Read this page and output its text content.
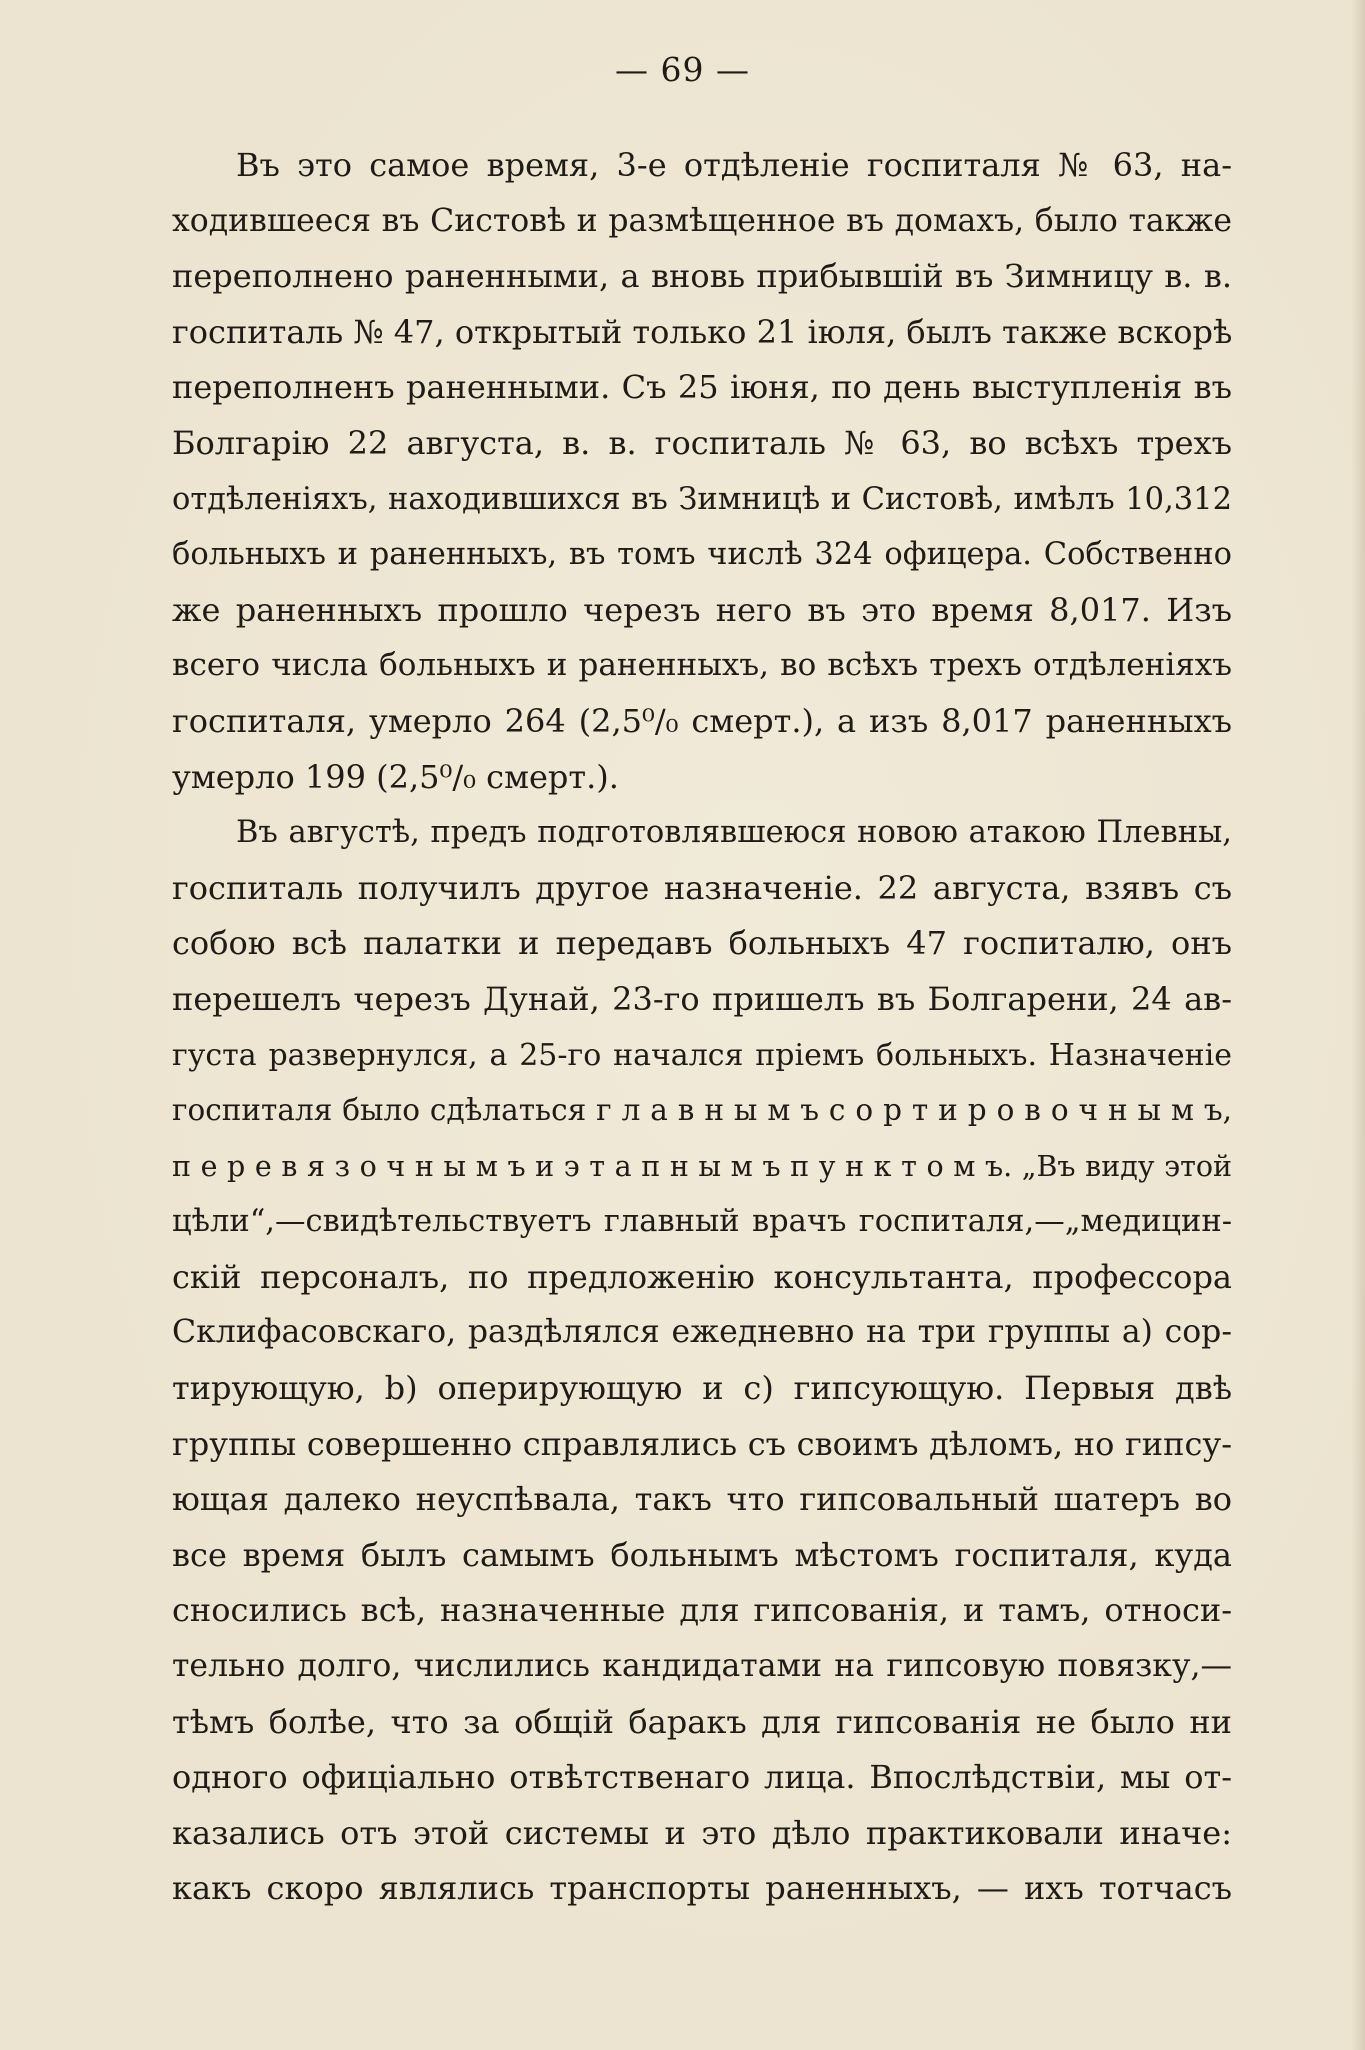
— 69 —
Въ это самое время, 3-е отдѣленіе госпиталя № 63, на-
ходившееся въ Систовѣ и размѣщенное въ домахъ, было также
переполнено раненными, а вновь прибывшій въ Зимницу в. в.
госпиталь № 47, открытый только 21 іюля, былъ также вскорѣ
переполненъ раненными. Съ 25 іюня, по день выступленія въ
Болгарію 22 августа, в. в. госпиталь № 63, во всѣхъ трехъ
отдѣленіяхъ, находившихся въ Зимницѣ и Систовѣ, имѣлъ 10,312
больныхъ и раненныхъ, въ томъ числѣ 324 офицера. Собственно
же раненныхъ прошло черезъ него въ это время 8,017. Изъ
всего числа больныхъ и раненныхъ, во всѣхъ трехъ отдѣленіяхъ
госпиталя, умерло 264 (2,5⁰/₀ смерт.), а изъ 8,017 раненныхъ
умерло 199 (2,5⁰/₀ смерт.).
Въ августѣ, предъ подготовлявшеюся новою атакою Плевны,
госпиталь получилъ другое назначеніе. 22 августа, взявъ съ
собою всѣ палатки и передавъ больныхъ 47 госпиталю, онъ
перешелъ черезъ Дунай, 23-го пришелъ въ Болгарени, 24 ав-
густа развернулся, а 25-го начался пріемъ больныхъ. Назначеніе
госпиталя было сдѣлаться г л а в н ы м ъ с о р т и р о в о ч н ы м ъ,
п е р е в я з о ч н ы м ъ и э т а п н ы м ъ п у н к т о м ъ. „Въ виду этой
цѣли“,—свидѣтельствуетъ главный врачъ госпиталя,—„медицин-
скій персоналъ, по предложенію консультанта, профессора
Склифасовскаго, раздѣлялся ежедневно на три группы a) сор-
тирующую, b) оперирующую и c) гипсующую. Первыя двѣ
группы совершенно справлялись съ своимъ дѣломъ, но гипсу-
ющая далеко неуспѣвала, такъ что гипсовальный шатеръ во
все время былъ самымъ больнымъ мѣстомъ госпиталя, куда
сносились всѣ, назначенные для гипсованія, и тамъ, относи-
тельно долго, числились кандидатами на гипсовую повязку,—
тѣмъ болѣе, что за общій баракъ для гипсованія не было ни
одного офиціально отвѣтственаго лица. Впослѣдствіи, мы от-
казались отъ этой системы и это дѣло практиковали иначе:
какъ скоро являлись транспорты раненныхъ, — ихъ тотчасъ
